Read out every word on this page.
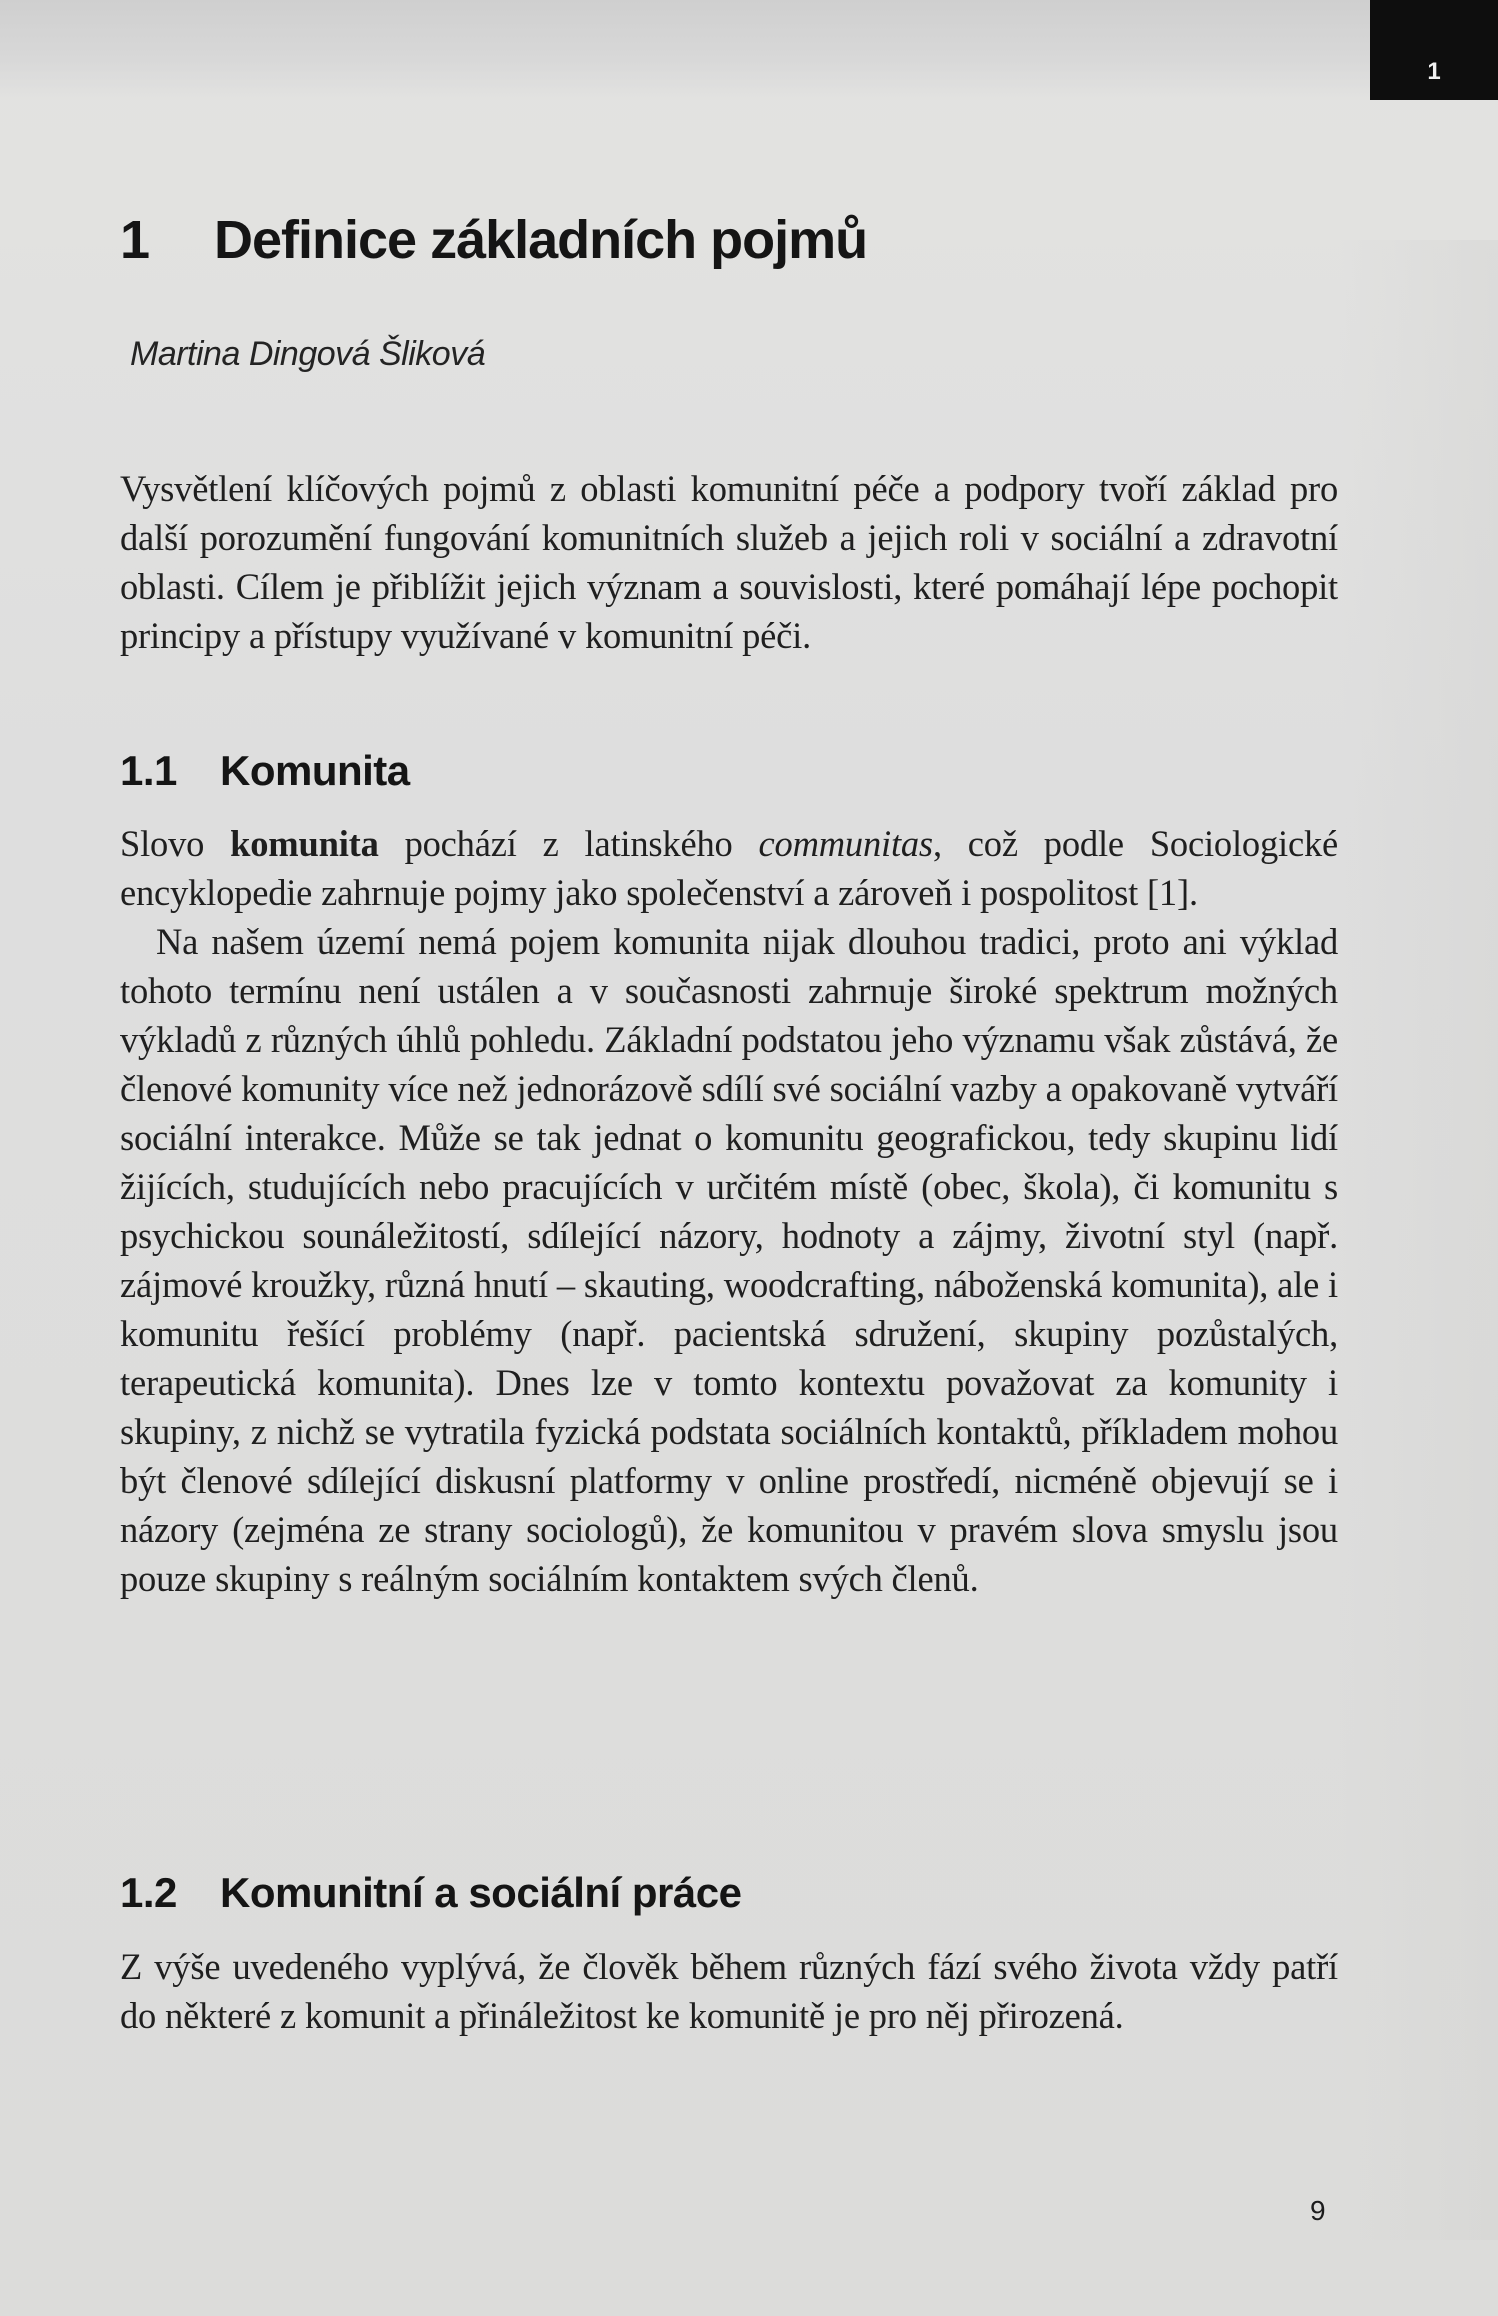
1
1 Definice základních pojmů
Martina Dingová Šliková

Vysvětlení klíčových pojmů z oblasti komunitní péče a podpory tvoří základ pro další porozumění fungování komunitních služeb a jejich roli v sociální a zdravotní oblasti. Cílem je přiblížit jejich význam a souvislosti, které pomáhají lépe pochopit principy a přístupy využívané v komunitní péči.

1.1 Komunita

Slovo komunita pochází z latinského communitas, což podle Sociologické encyklopedie zahrnuje pojmy jako společenství a zároveň i pospolitost [1].

Na našem území nemá pojem komunita nijak dlouhou tradici, proto ani výklad tohoto termínu není ustálen a v současnosti zahrnuje široké spektrum možných výkladů z různých úhlů pohledu. Základní podstatou jeho významu však zůstává, že členové komunity více než jednorázově sdílí své sociální vazby a opakovaně vytváří sociální interakce. Může se tak jednat o komunitu geografickou, tedy skupinu lidí žijících, studujících nebo pracujících v určitém místě (obec, škola), či komunitu s psychickou sounáležitostí, sdílející názory, hodnoty a zájmy, životní styl (např. zájmové kroužky, různá hnutí – skauting, woodcrafting, náboženská komunita), ale i komunitu řešící problémy (např. pacientská sdružení, skupiny pozůstalých, terapeutická komunita). Dnes lze v tomto kontextu považovat za komunity i skupiny, z nichž se vytratila fyzická podstata sociálních kontaktů, příkladem mohou být členové sdílející diskusní platformy v online prostředí, nicméně objevují se i názory (zejména ze strany sociologů), že komunitou v pravém slova smyslu jsou pouze skupiny s reálným sociálním kontaktem svých členů.

1.2 Komunitní a sociální práce

Z výše uvedeného vyplývá, že člověk během různých fází svého života vždy patří do některé z komunit a přináležitost ke komunitě je pro něj přirozená.

9
